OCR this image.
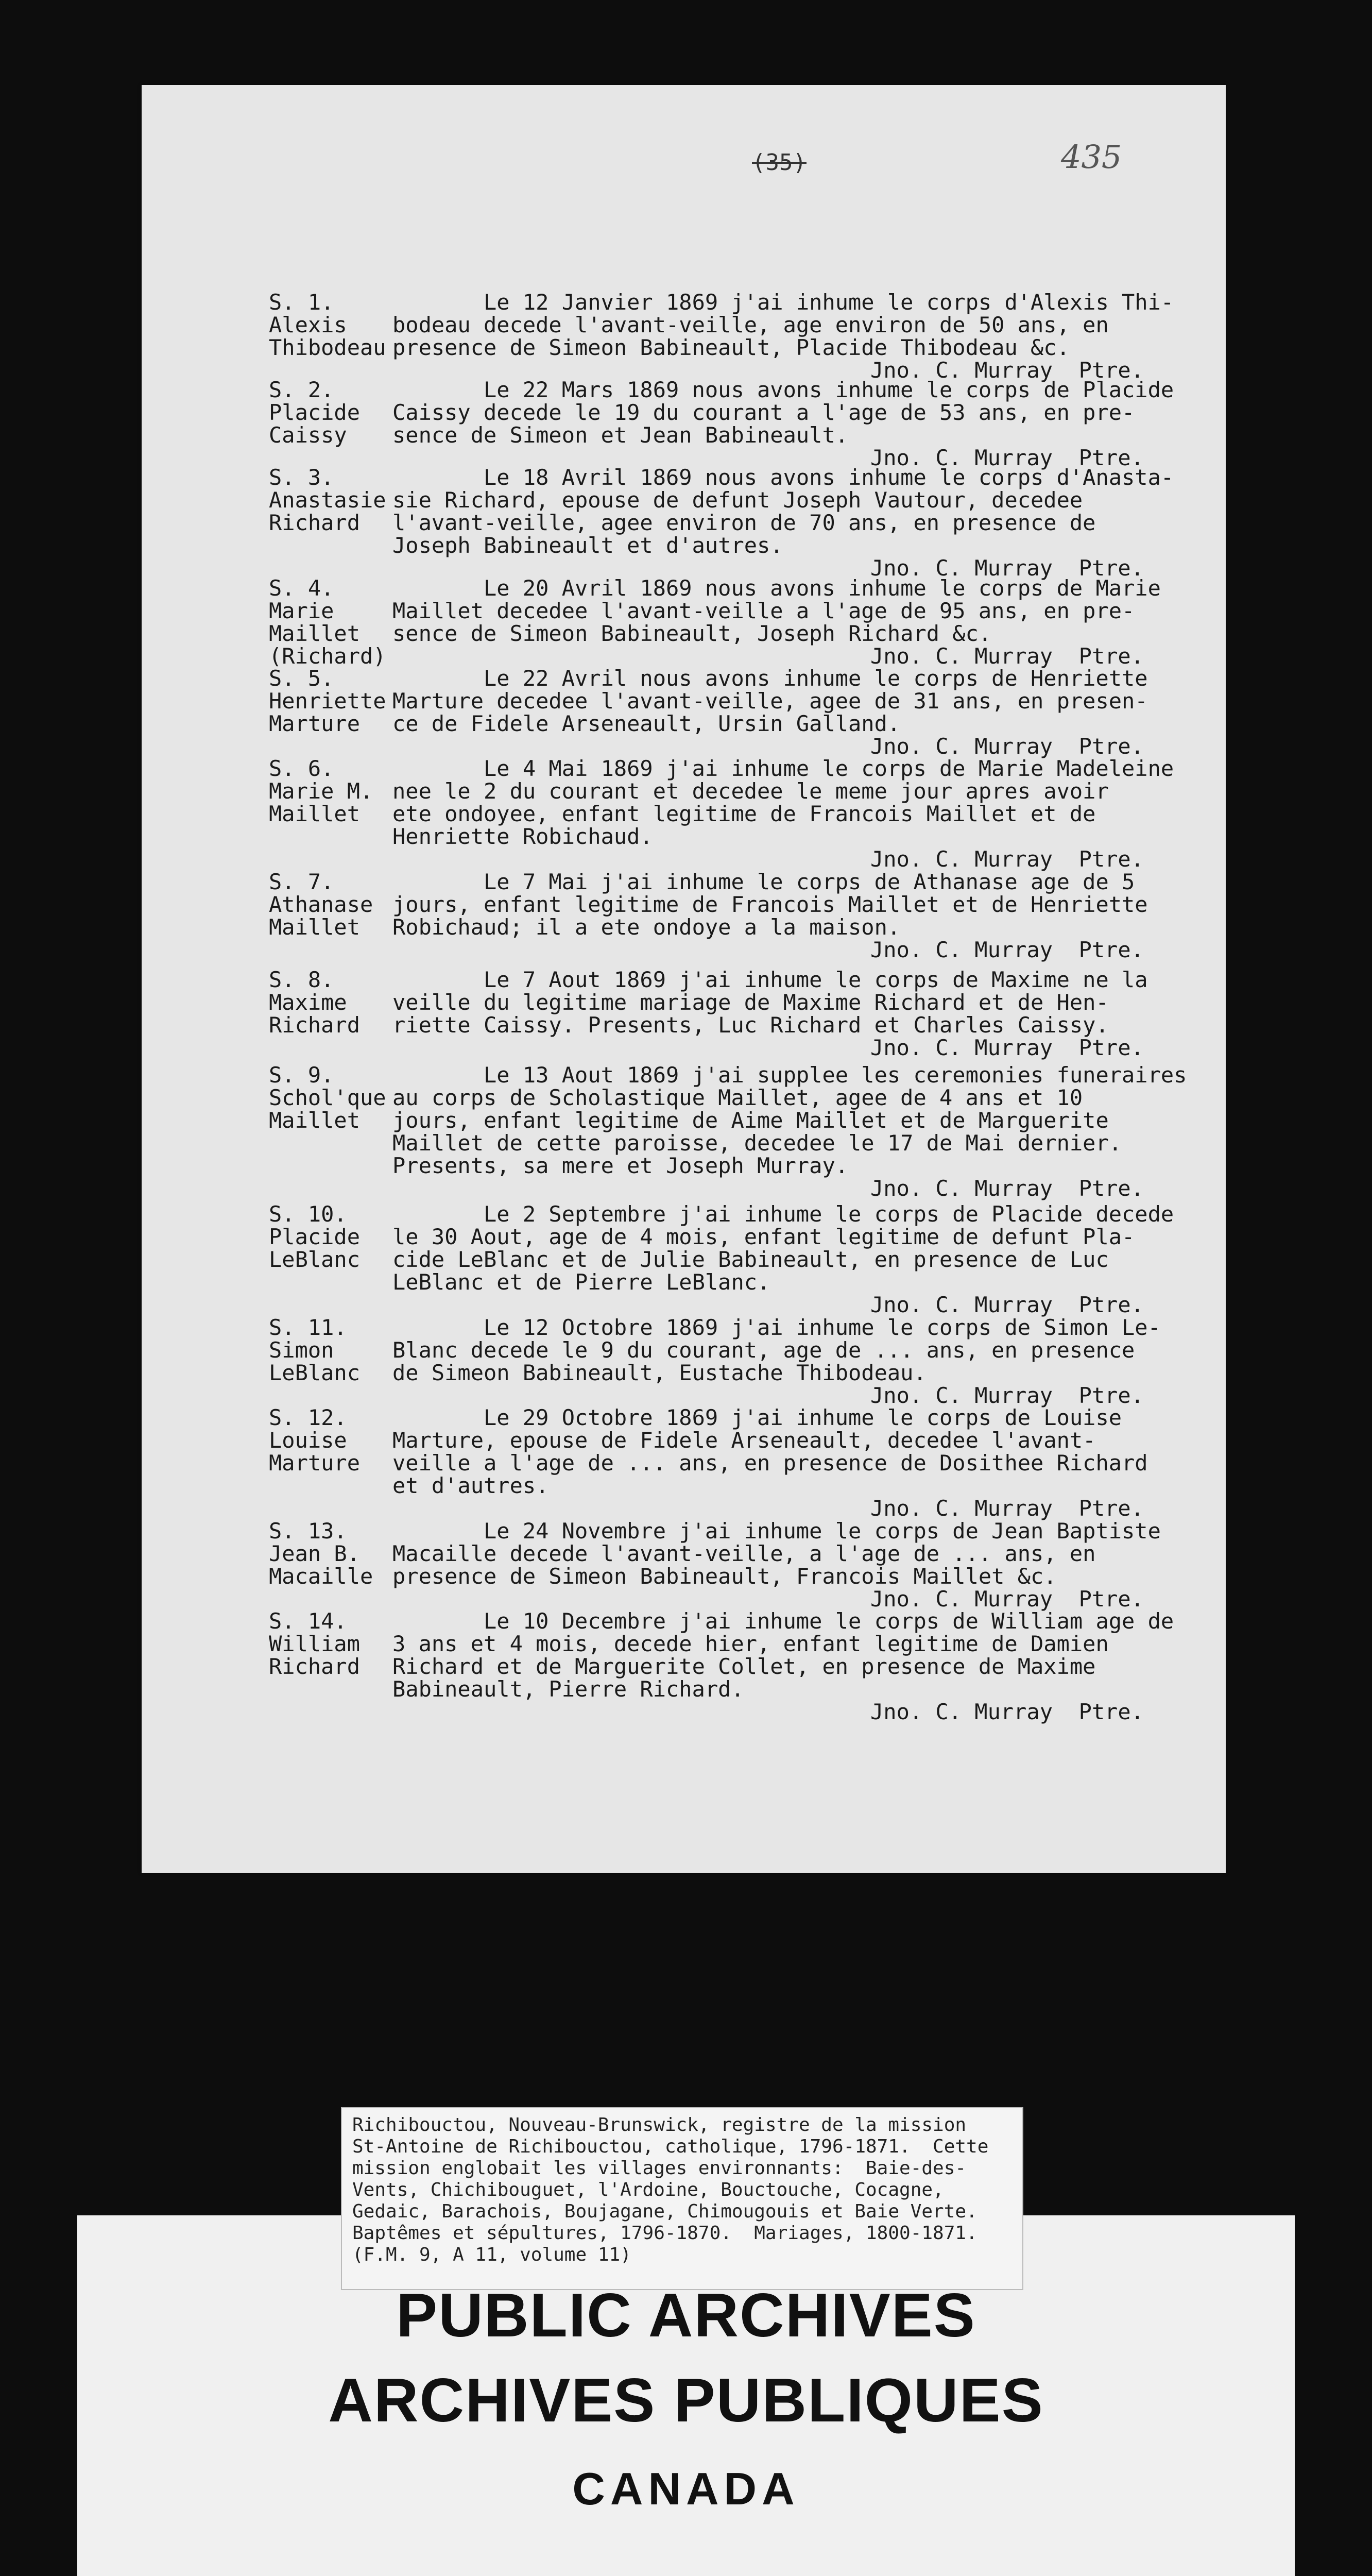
(35)	435
S. 1.
Alexis
Thibodeau
Le 12 Janvier 1869 j'ai inhume le corps d'Alexis Thi-
bodeau decede l'avant-veille, age environ de 50 ans, en
presence de Simeon Babineault, Placide Thibodeau &c.
Jno. C. Murray  Ptre.
S. 2.
Placide
Caissy
Le 22 Mars 1869 nous avons inhume le corps de Placide
Caissy decede le 19 du courant a l'age de 53 ans, en pre-
sence de Simeon et Jean Babineault.
Jno. C. Murray  Ptre.
S. 3.
Anastasie
Richard
Le 18 Avril 1869 nous avons inhume le corps d'Anasta-
sie Richard, epouse de defunt Joseph Vautour, decedee
l'avant-veille, agee environ de 70 ans, en presence de
Joseph Babineault et d'autres.
Jno. C. Murray  Ptre.
S. 4.
Marie
Maillet
(Richard)
Le 20 Avril 1869 nous avons inhume le corps de Marie
Maillet decedee l'avant-veille a l'age de 95 ans, en pre-
sence de Simeon Babineault, Joseph Richard &c.
Jno. C. Murray  Ptre.
S. 5.
Henriette
Marture
Le 22 Avril nous avons inhume le corps de Henriette
Marture decedee l'avant-veille, agee de 31 ans, en presen-
ce de Fidele Arseneault, Ursin Galland.
Jno. C. Murray  Ptre.
S. 6.
Marie M.
Maillet
Le 4 Mai 1869 j'ai inhume le corps de Marie Madeleine
nee le 2 du courant et decedee le meme jour apres avoir
ete ondoyee, enfant legitime de Francois Maillet et de
Henriette Robichaud.
Jno. C. Murray  Ptre.
S. 7.
Athanase
Maillet
Le 7 Mai j'ai inhume le corps de Athanase age de 5
jours, enfant legitime de Francois Maillet et de Henriette
Robichaud; il a ete ondoye a la maison.
Jno. C. Murray  Ptre.
S. 8.
Maxime
Richard
Le 7 Aout 1869 j'ai inhume le corps de Maxime ne la
veille du legitime mariage de Maxime Richard et de Hen-
riette Caissy. Presents, Luc Richard et Charles Caissy.
Jno. C. Murray  Ptre.
S. 9.
Schol'que
Maillet
Le 13 Aout 1869 j'ai supplee les ceremonies funeraires
au corps de Scholastique Maillet, agee de 4 ans et 10
jours, enfant legitime de Aime Maillet et de Marguerite
Maillet de cette paroisse, decedee le 17 de Mai dernier.
Presents, sa mere et Joseph Murray.
Jno. C. Murray  Ptre.
S. 10.
Placide
LeBlanc
Le 2 Septembre j'ai inhume le corps de Placide decede
le 30 Aout, age de 4 mois, enfant legitime de defunt Pla-
cide LeBlanc et de Julie Babineault, en presence de Luc
LeBlanc et de Pierre LeBlanc.
Jno. C. Murray  Ptre.
S. 11.
Simon
LeBlanc
Le 12 Octobre 1869 j'ai inhume le corps de Simon Le-
Blanc decede le 9 du courant, age de ... ans, en presence
de Simeon Babineault, Eustache Thibodeau.
Jno. C. Murray  Ptre.
S. 12.
Louise
Marture
Le 29 Octobre 1869 j'ai inhume le corps de Louise
Marture, epouse de Fidele Arseneault, decedee l'avant-
veille a l'age de ... ans, en presence de Dosithee Richard
et d'autres.
Jno. C. Murray  Ptre.
S. 13.
Jean B.
Macaille
Le 24 Novembre j'ai inhume le corps de Jean Baptiste
Macaille decede l'avant-veille, a l'age de ... ans, en
presence de Simeon Babineault, Francois Maillet &c.
Jno. C. Murray  Ptre.
S. 14.
William
Richard
Le 10 Decembre j'ai inhume le corps de William age de
3 ans et 4 mois, decede hier, enfant legitime de Damien
Richard et de Marguerite Collet, en presence de Maxime
Babineault, Pierre Richard.
Jno. C. Murray  Ptre.
Richibouctou, Nouveau-Brunswick, registre de la mission
St-Antoine de Richibouctou, catholique, 1796-1871.  Cette
mission englobait les villages environnants:  Baie-des-
Vents, Chichibouguet, l'Ardoine, Bouctouche, Cocagne,
Gedaic, Barachois, Boujagane, Chimougouis et Baie Verte.
Baptêmes et sépultures, 1796-1870.  Mariages, 1800-1871.
(F.M. 9, A 11, volume 11)
PUBLIC ARCHIVES
ARCHIVES PUBLIQUES
CANADA
